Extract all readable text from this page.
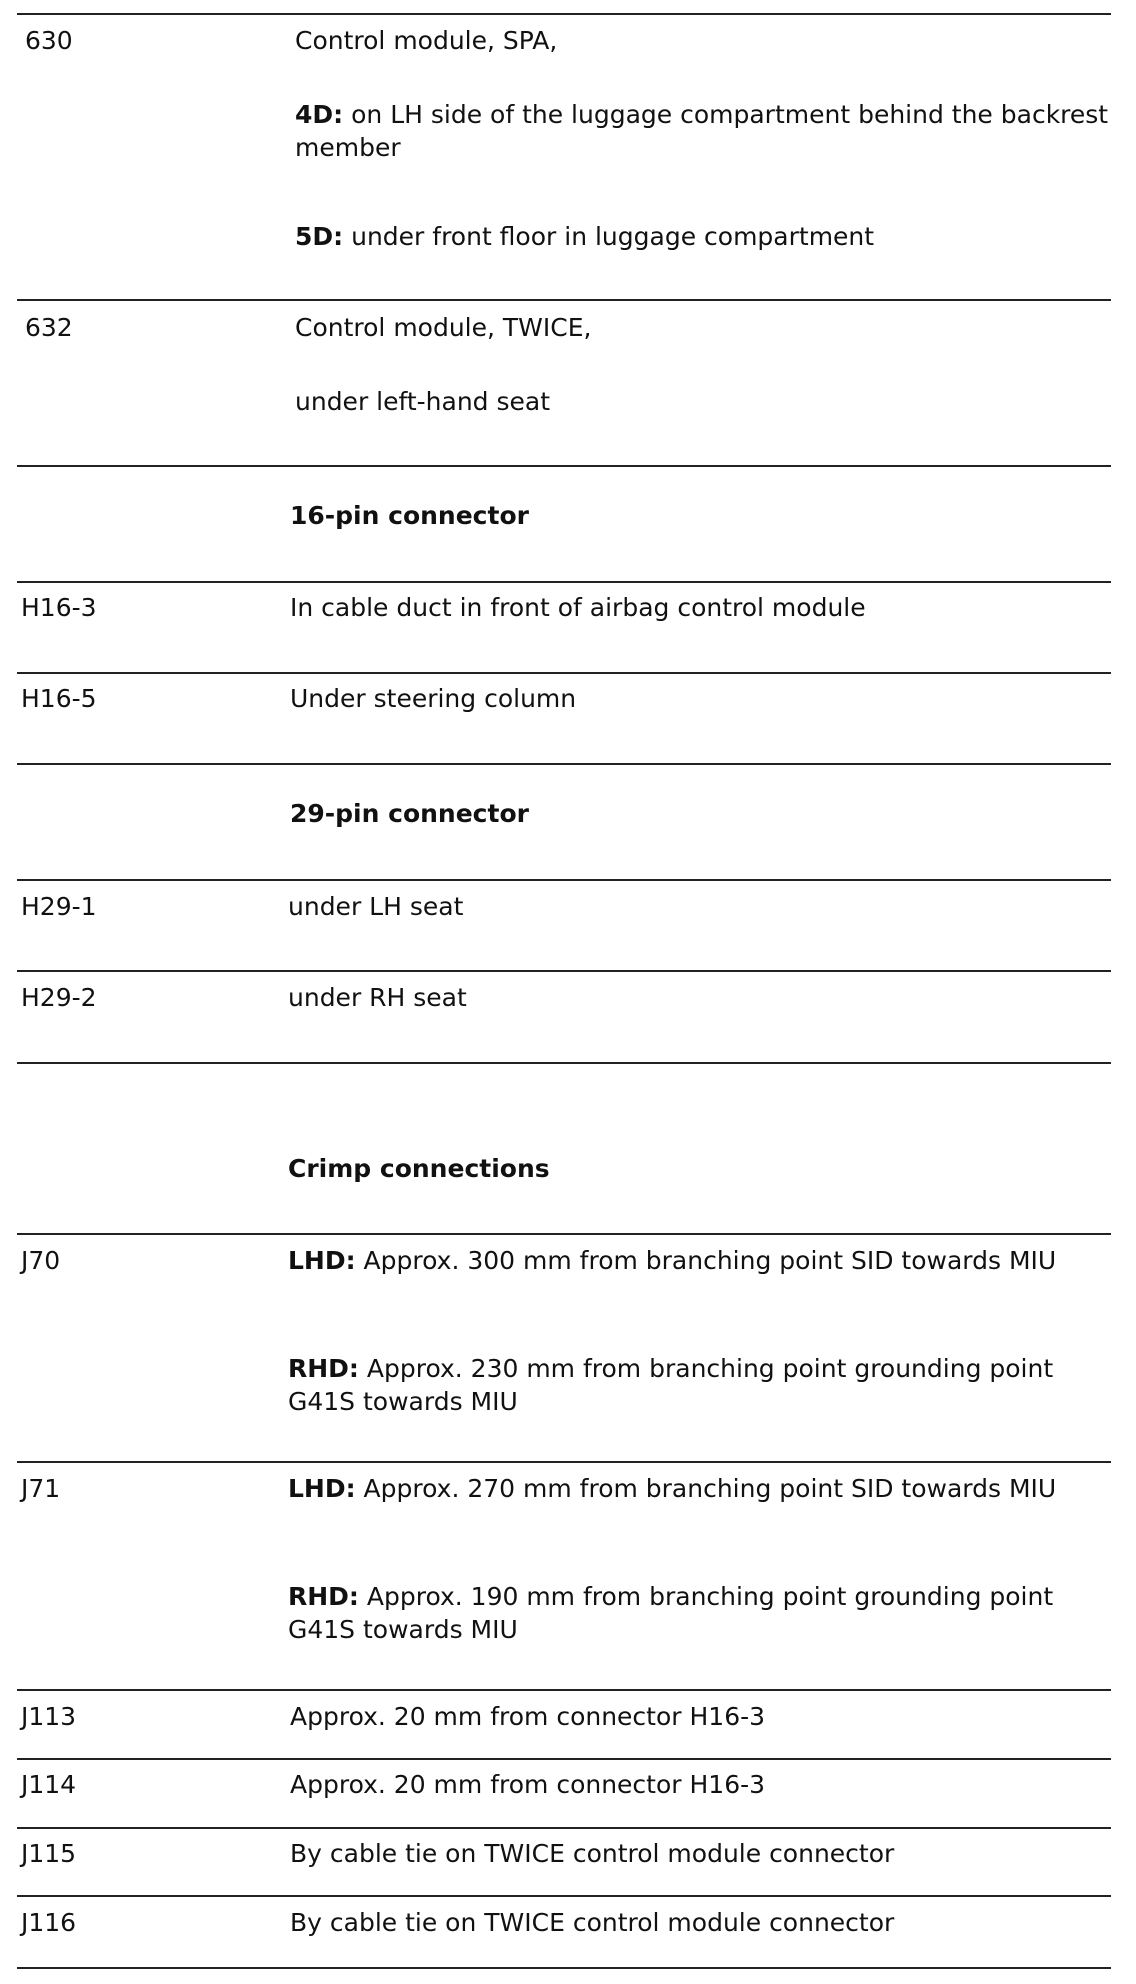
630	Control module, SPA,

4D: on LH side of the luggage compartment behind the backrest member

5D: under front floor in luggage compartment

632	Control module, TWICE,

under left-hand seat

16-pin connector

H16-3	In cable duct in front of airbag control module

H16-5	Under steering column

29-pin connector

H29-1	under LH seat

H29-2	under RH seat

Crimp connections

J70	LHD: Approx. 300 mm from branching point SID towards MIU

RHD: Approx. 230 mm from branching point grounding point G41S towards MIU

J71	LHD: Approx. 270 mm from branching point SID towards MIU

RHD: Approx. 190 mm from branching point grounding point G41S towards MIU

J113	Approx. 20 mm from connector H16-3

J114	Approx. 20 mm from connector H16-3

J115	By cable tie on TWICE control module connector

J116	By cable tie on TWICE control module connector
